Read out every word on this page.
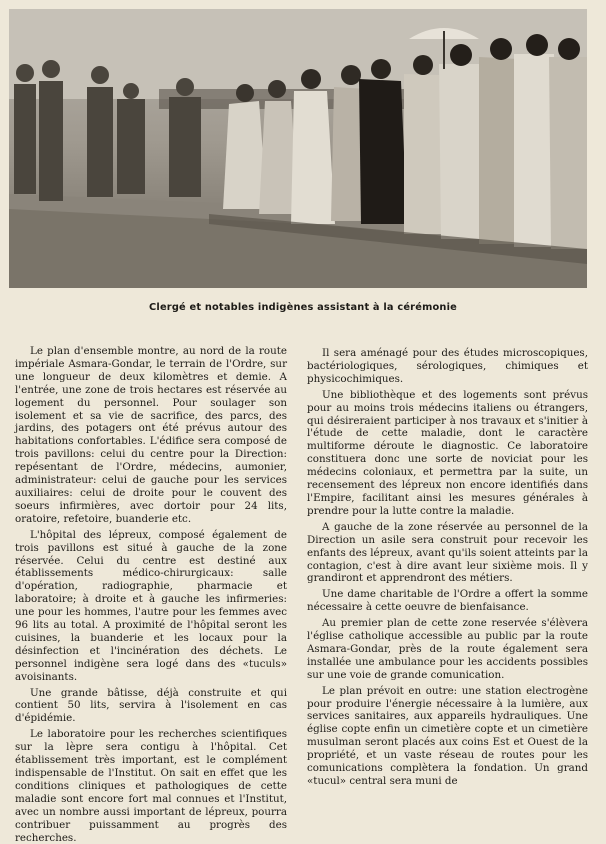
Clergé et notables indigènes assistant à la cérémonie

Le plan d'ensemble montre, au nord de la route impériale Asmara-Gondar, le terrain de l'Ordre, sur une longueur de deux kilomètres et demie. A l'entrée, une zone de trois hectares est réservée au logement du personnel. Pour soulager son isolement et sa vie de sacrifice, des parcs, des jardins, des potagers ont été prévus autour des habitations confortables. L'édifice sera composé de trois pavillons: celui du centre pour la Direction: repésentant de l'Ordre, médecins, aumonier, administrateur: celui de gauche pour les services auxiliaires: celui de droite pour le couvent des soeurs infirmières, avec dortoir pour 24 lits, oratoire, refetoire, buanderie etc.

L'hôpital des lépreux, composé également de trois pavillons est situé à gauche de la zone réservée. Celui du centre est destiné aux établissements médico-chirurgicaux: salle d'opération, radiographie, pharmacie et laboratoire; à droite et à gauche les infirmeries: une pour les hommes, l'autre pour les femmes avec 96 lits au total. A proximité de l'hôpital seront les cuisines, la buanderie et les locaux pour la désinfection et l'incinération des déchets. Le personnel indigène sera logé dans des «tuculs» avoisinants.

Une grande bâtisse, déjà construite et qui contient 50 lits, servira à l'isolement en cas d'épidémie.

Le laboratoire pour les recherches scientifiques sur la lèpre sera contigu à l'hôpital. Cet établissement très important, est le complément indispensable de l'Institut. On sait en effet que les conditions cliniques et pathologiques de cette maladie sont encore fort mal connues et l'Institut, avec un nombre aussi important de lépreux, pourra contribuer puissamment au progrès des recherches.

Il sera aménagé pour des études microscopiques, bactériologiques, sérologiques, chimiques et physicochimiques.

Une bibliothèque et des logements sont prévus pour au moins trois médecins italiens ou étrangers, qui désireraient participer à nos travaux et s'initier à l'étude de cette maladie, dont le caractère multiforme déroute le diagnostic. Ce laboratoire constituera donc une sorte de noviciat pour les médecins coloniaux, et permettra par la suite, un recensement des lépreux non encore identifiés dans l'Empire, facilitant ainsi les mesures générales à prendre pour la lutte contre la maladie.

A gauche de la zone réservée au personnel de la Direction un asile sera construit pour recevoir les enfants des lépreux, avant qu'ils soient atteints par la contagion, c'est à dire avant leur sixième mois. Il y grandiront et apprendront des métiers.

Une dame charitable de l'Ordre a offert la somme nécessaire à cette oeuvre de bienfaisance.

Au premier plan de cette zone reservée s'élèvera l'église catholique accessible au public par la route Asmara-Gondar, près de la route également sera installée une ambulance pour les accidents possibles sur une voie de grande comunication.

Le plan prévoit en outre: une station electrogène pour produire l'énergie nécessaire à la lumière, aux services sanitaires, aux appareils hydrauliques. Une église copte enfin un cimetière copte et un cimetière musulman seront placés aux coins Est et Ouest de la propriété, et un vaste réseau de routes pour les comunications complètera la fondation. Un grand «tucul» central sera muni de
